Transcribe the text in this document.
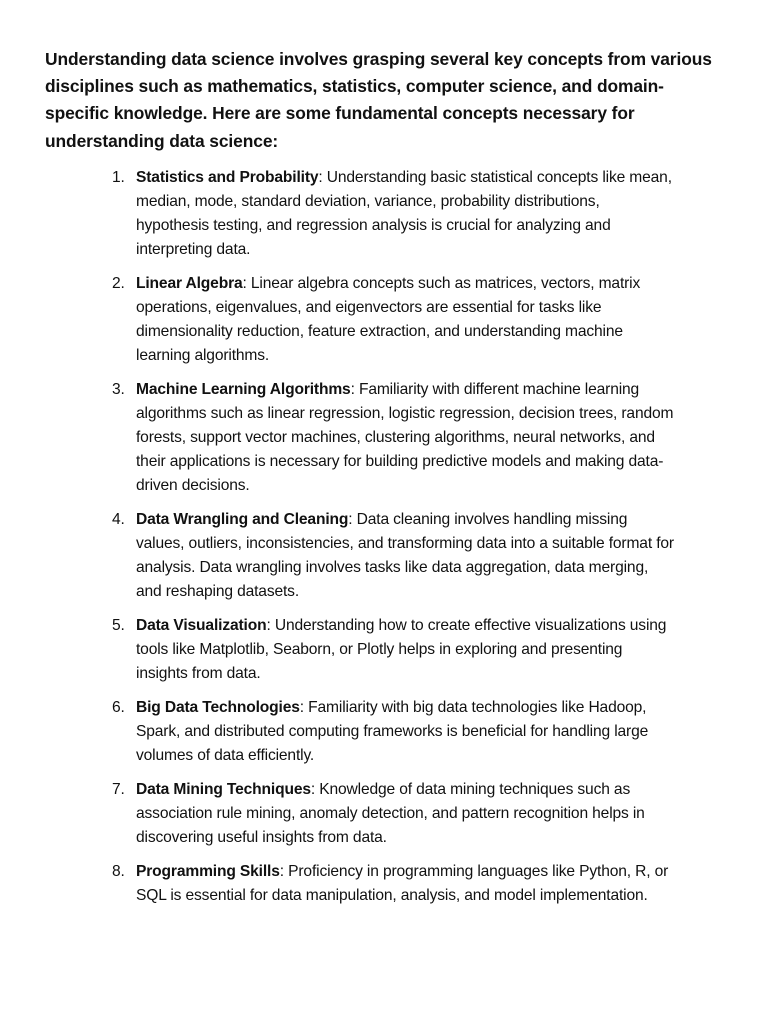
Understanding data science involves grasping several key concepts from various disciplines such as mathematics, statistics, computer science, and domain-specific knowledge. Here are some fundamental concepts necessary for understanding data science:

1. Statistics and Probability: Understanding basic statistical concepts like mean, median, mode, standard deviation, variance, probability distributions, hypothesis testing, and regression analysis is crucial for analyzing and interpreting data.
2. Linear Algebra: Linear algebra concepts such as matrices, vectors, matrix operations, eigenvalues, and eigenvectors are essential for tasks like dimensionality reduction, feature extraction, and understanding machine learning algorithms.
3. Machine Learning Algorithms: Familiarity with different machine learning algorithms such as linear regression, logistic regression, decision trees, random forests, support vector machines, clustering algorithms, neural networks, and their applications is necessary for building predictive models and making data-driven decisions.
4. Data Wrangling and Cleaning: Data cleaning involves handling missing values, outliers, inconsistencies, and transforming data into a suitable format for analysis. Data wrangling involves tasks like data aggregation, data merging, and reshaping datasets.
5. Data Visualization: Understanding how to create effective visualizations using tools like Matplotlib, Seaborn, or Plotly helps in exploring and presenting insights from data.
6. Big Data Technologies: Familiarity with big data technologies like Hadoop, Spark, and distributed computing frameworks is beneficial for handling large volumes of data efficiently.
7. Data Mining Techniques: Knowledge of data mining techniques such as association rule mining, anomaly detection, and pattern recognition helps in discovering useful insights from data.
8. Programming Skills: Proficiency in programming languages like Python, R, or SQL is essential for data manipulation, analysis, and model implementation.
